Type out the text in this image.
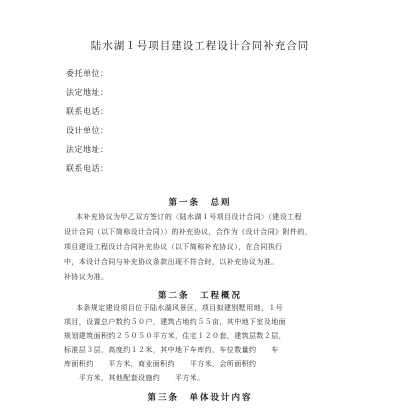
陆水湖１号项目建设工程设计合同补充合同
委托单位：
法定地址：
联系电话：
设计单位：
法定地址：
联系电话：
第一条　总则
本补充协议为甲乙双方签订的〈陆水湖１号项目设计合同〉（建设工程
设计合同（以下简称设计合同））的补充协议，合作为《设计合同》附件的，
项目建设工程设计合同补充协议（以下简称补充协议），在合同执行
中，本设计合同与补充协议条款出现不符合时，以补充协议为准。
补协议为准。
第二条　工程概况
本条规定建设项目位于陆水湖风景区，项目拟建别墅用地，１号
项目，设置总户数约５０户，建筑占地约５５亩，其中地下室及地面
规划建筑面积约２５０５０平方米，住宅１２０套，建筑层数２层，
标准层３层，高度约１２米，其中地下车库约，车位数量约　　车
库面积约　　平方米，商业面积约　　平方米，会所面积约
　　平方米，其他配套设施约　　平方米。
第三条　单体设计内容
